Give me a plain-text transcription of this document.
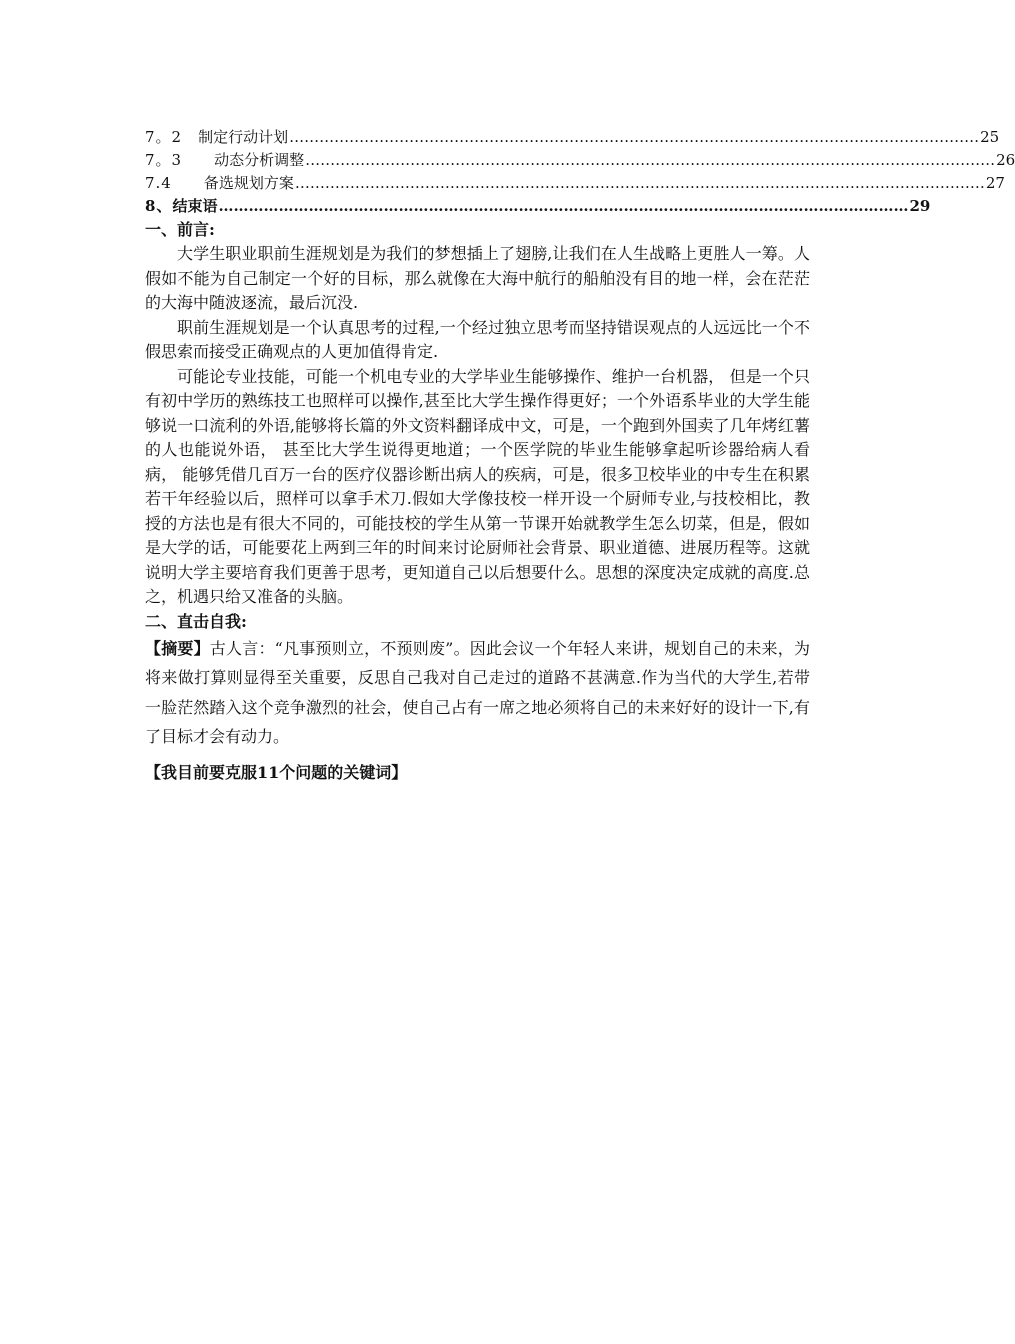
7。2
　 制定行动计划 ………………………………………………………………………………………………………………………… 25
7。3
　　 动态分析调整 ………………………………………………………………………………………………………………………… 26
7.4
　　 备选规划方案 ………………………………………………………………………………………………………………………… 27
8、 结束语 ………………………………………………………………………………………………………………………… 29
一、前言:

大学生职业职前生涯规划是为我们的梦想插上了翅膀,让我们在人生战略上更胜人一筹。人假如不能为自己制定一个好的目标，那么就像在大海中航行的船舶没有目的地一样，会在茫茫的大海中随波逐流，最后沉没.

职前生涯规划是一个认真思考的过程,一个经过独立思考而坚持错误观点的人远远比一个不假思索而接受正确观点的人更加值得肯定.

可能论专业技能，可能一个机电专业的大学毕业生能够操作、维护一台机器， 但是一个只有初中学历的熟练技工也照样可以操作,甚至比大学生操作得更好；一个外语系毕业的大学生能够说一口流利的外语,能够将长篇的外文资料翻译成中文，可是，一个跑到外国卖了几年烤红薯的人也能说外语， 甚至比大学生说得更地道；一个医学院的毕业生能够拿起听诊器给病人看病， 能够凭借几百万一台的医疗仪器诊断出病人的疾病，可是，很多卫校毕业的中专生在积累若干年经验以后，照样可以拿手术刀.假如大学像技校一样开设一个厨师专业,与技校相比，教授的方法也是有很大不同的，可能技校的学生从第一节课开始就教学生怎么切菜，但是，假如是大学的话，可能要花上两到三年的时间来讨论厨师社会背景、职业道德、进展历程等。这就说明大学主要培育我们更善于思考，更知道自己以后想要什么。思想的深度决定成就的高度.总之，机遇只给又准备的头脑。

二、直击自我:

【摘要】古人言：“凡事预则立，不预则废”。因此会议一个年轻人来讲，规划自己的未来，为将来做打算则显得至关重要，反思自己我对自己走过的道路不甚满意.作为当代的大学生,若带一脸茫然踏入这个竞争激烈的社会，使自己占有一席之地必须将自己的未来好好的设计一下,有了目标才会有动力。

【我目前要克服11个问题的关键词】
